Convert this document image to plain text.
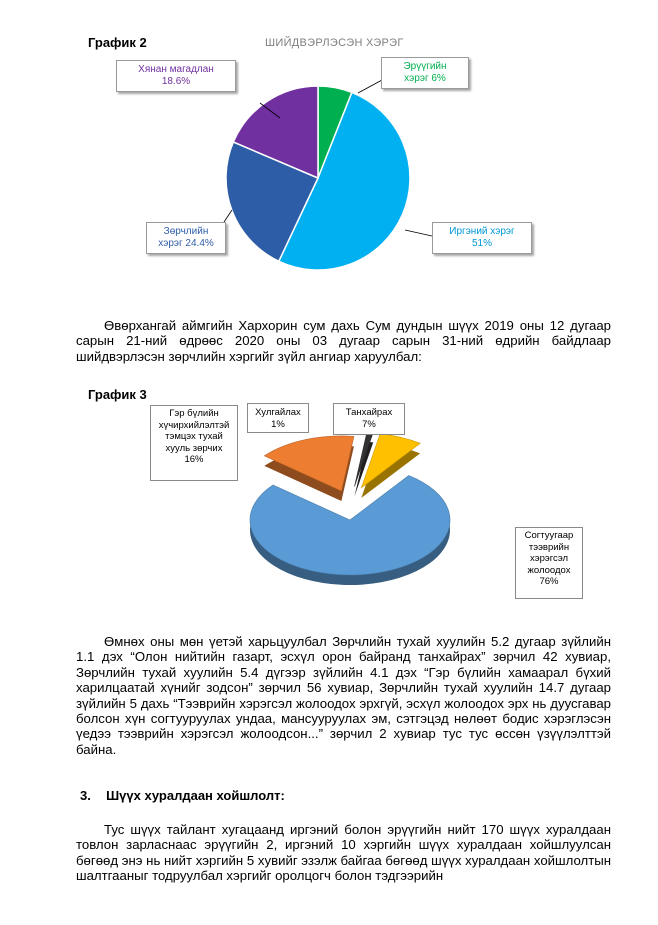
График 2	ШИЙДВЭРЛЭСЭН ХЭРЭГ
Эрүүгийн
хэрэг 6%
Иргэний хэрэг
51%
Зөрчлийн
хэрэг 24.4%
Хянан магадлан
18.6%
Өвөрхангай аймгийн Хархорин сум дахь Сум дундын шүүх 2019 оны 12 дугаар сарын 21-ний өдрөөс 2020 оны 03 дугаар сарын 31-ний өдрийн байдлаар шийдвэрлэсэн зөрчлийн хэргийг зүйл ангиар харуулбал:
График 3
Гэр бүлийн
хүчирхийлэлтэй
тэмцэх тухай
хууль зөрчих
16%
Хулгайлах
1%
Танхайрах
7%
Согтуугаар
тээврийн
хэрэгсэл
жолоодох
76%
Өмнөх оны мөн үетэй харьцуулбал Зөрчлийн тухай хуулийн 5.2 дугаар зүйлийн 1.1 дэх “Олон нийтийн газарт, эсхүл орон байранд танхайрах” зөрчил 42 хувиар, Зөрчлийн тухай хуулийн 5.4 дүгээр зүйлийн 4.1 дэх “Гэр бүлийн хамаарал бүхий харилцаатай хүнийг зодсон” зөрчил 56 хувиар, Зөрчлийн тухай хуулийн 14.7 дугаар зүйлийн 5 дахь “Тээврийн хэрэгсэл жолоодох эрхгүй, эсхүл жолоодох эрх нь дуусгавар болсон хүн согтууруулах ундаа, мансууруулах эм, сэтгэцэд нөлөөт бодис хэрэглэсэн үедээ тээврийн хэрэгсэл жолоодсон...” зөрчил 2 хувиар тус тус өссөн үзүүлэлттэй байна.
3. Шүүх хуралдаан хойшлолт:
Тус шүүх тайлант хугацаанд иргэний болон эрүүгийн нийт 170 шүүх хуралдаан товлон зарласнаас эрүүгийн 2, иргэний 10 хэргийн шүүх хуралдаан хойшлуулсан бөгөөд энэ нь нийт хэргийн 5 хувийг эзэлж байгаа бөгөөд шүүх хуралдаан хойшлолтын шалтгааныг тодруулбал хэргийг оролцогч болон тэдгээрийн
